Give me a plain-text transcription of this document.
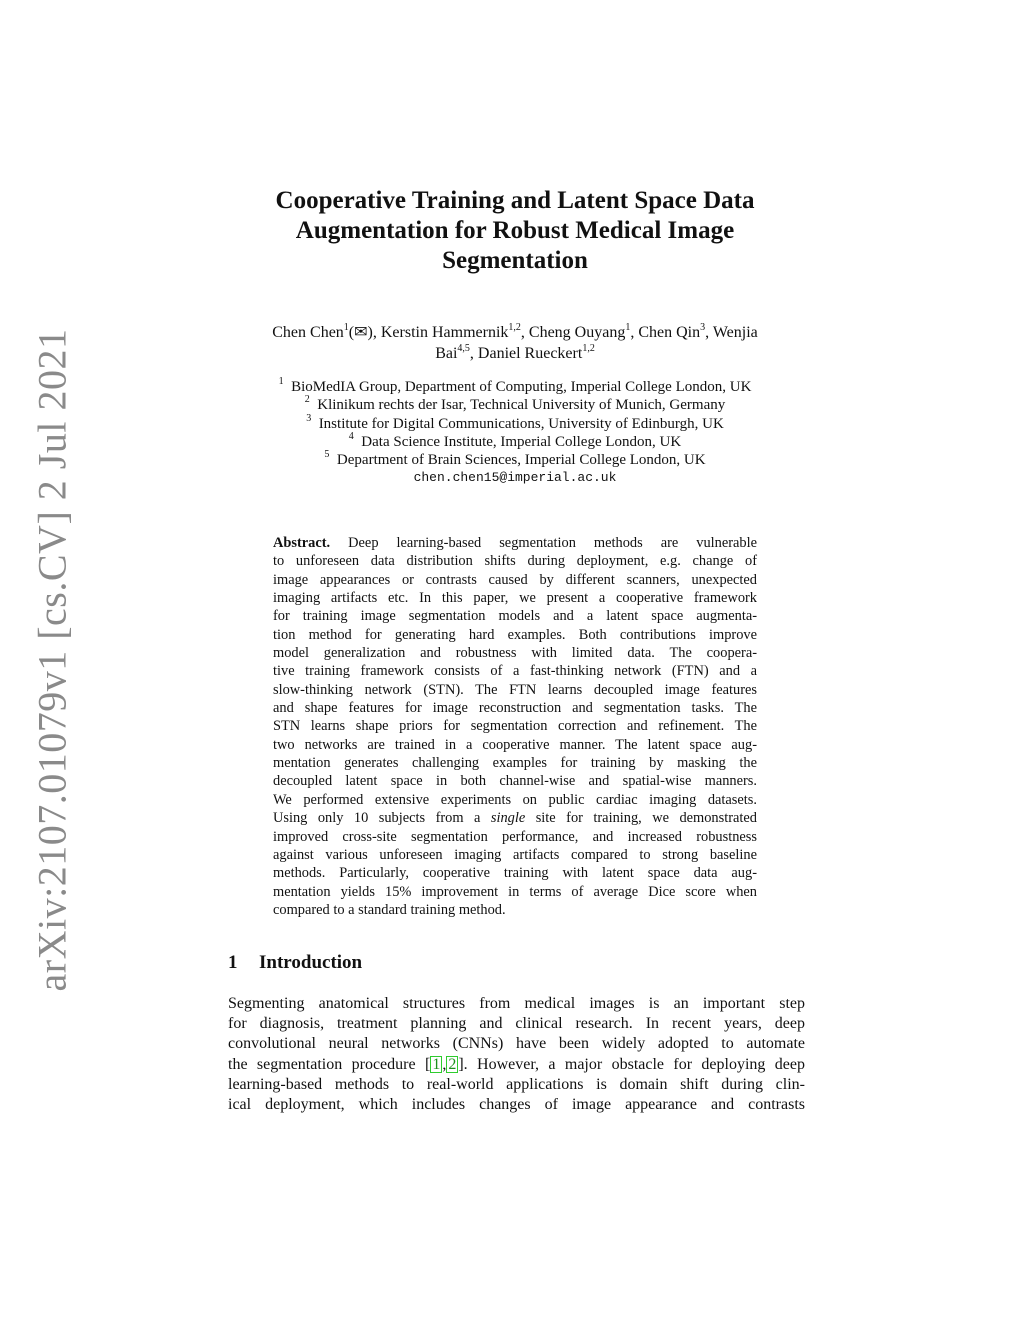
arXiv:2107.01079v1 [cs.CV] 2 Jul 2021
Cooperative Training and Latent Space Data
Augmentation for Robust Medical Image
Segmentation
Chen Chen$^1$(✉), Kerstin Hammernik$^{1,2}$, Cheng Ouyang$^1$, Chen Qin$^3$, Wenjia
Bai$^{4,5}$, Daniel Rueckert$^{1,2}$
$^1$ BioMedIA Group, Department of Computing, Imperial College London, UK
$^2$ Klinikum rechts der Isar, Technical University of Munich, Germany
$^3$ Institute for Digital Communications, University of Edinburgh, UK
$^4$ Data Science Institute, Imperial College London, UK
$^5$ Department of Brain Sciences, Imperial College London, UK
chen.chen15@imperial.ac.uk
Abstract. Deep learning-based segmentation methods are vulnerable
to unforeseen data distribution shifts during deployment, e.g. change of
image appearances or contrasts caused by different scanners, unexpected
imaging artifacts etc. In this paper, we present a cooperative framework
for training image segmentation models and a latent space augmenta-
tion method for generating hard examples. Both contributions improve
model generalization and robustness with limited data. The coopera-
tive training framework consists of a fast-thinking network (FTN) and a
slow-thinking network (STN). The FTN learns decoupled image features
and shape features for image reconstruction and segmentation tasks. The
STN learns shape priors for segmentation correction and refinement. The
two networks are trained in a cooperative manner. The latent space aug-
mentation generates challenging examples for training by masking the
decoupled latent space in both channel-wise and spatial-wise manners.
We performed extensive experiments on public cardiac imaging datasets.
Using only 10 subjects from a single site for training, we demonstrated
improved cross-site segmentation performance, and increased robustness
against various unforeseen imaging artifacts compared to strong baseline
methods. Particularly, cooperative training with latent space data aug-
mentation yields 15% improvement in terms of average Dice score when
compared to a standard training method.
1 Introduction
Segmenting anatomical structures from medical images is an important step
for diagnosis, treatment planning and clinical research. In recent years, deep
convolutional neural networks (CNNs) have been widely adopted to automate
the segmentation procedure [ 1 , 2 ]. However, a major obstacle for deploying deep
learning-based methods to real-world applications is domain shift during clin-
ical deployment, which includes changes of image appearance and contrasts
